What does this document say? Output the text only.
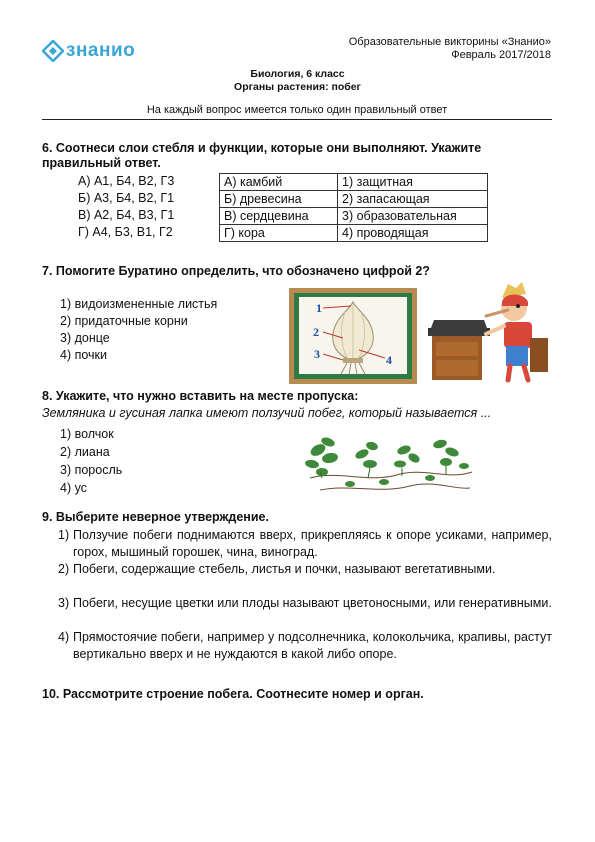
знанио	Образовательные викторины «Знанио»
Февраль 2017/2018
Биология, 6 класс
Органы растения: побег
На каждый вопрос имеется только один правильный ответ
6. Соотнеси слои стебля и функции, которые они выполняют. Укажите
правильный ответ.
А) А1, Б4, В2, Г3
Б) А3, Б4, В2, Г1
В) А2, Б4, В3, Г1
Г) А4, Б3, В1, Г2
А) камбий	1) защитная
Б) древесина	2) запасающая
В) сердцевина	3) образовательная
Г) кора	4) проводящая
7. Помогите Буратино определить, что обозначено цифрой 2?
1) видоизмененные листья
2) придаточные корни
3) донце
4) почки
1
2
3	4
8. Укажите, что нужно вставить на месте пропуска:
Земляника и гусиная лапка имеют ползучий побег, который называется ...
1) волчок
2) лиана
3) поросль
4) ус
9. Выберите неверное утверждение.
1) Ползучие побеги поднимаются вверх, прикрепляясь к опоре усиками, например, горох, мышиный горошек, чина, виноград.
2) Побеги, содержащие стебель, листья и почки, называют вегетативными.
3) Побеги, несущие цветки или плоды называют цветоносными, или генеративными.
4) Прямостоячие побеги, например у подсолнечника, колокольчика, крапивы, растут вертикально вверх и не нуждаются в какой либо опоре.
10. Рассмотрите строение побега. Соотнесите номер и орган.
